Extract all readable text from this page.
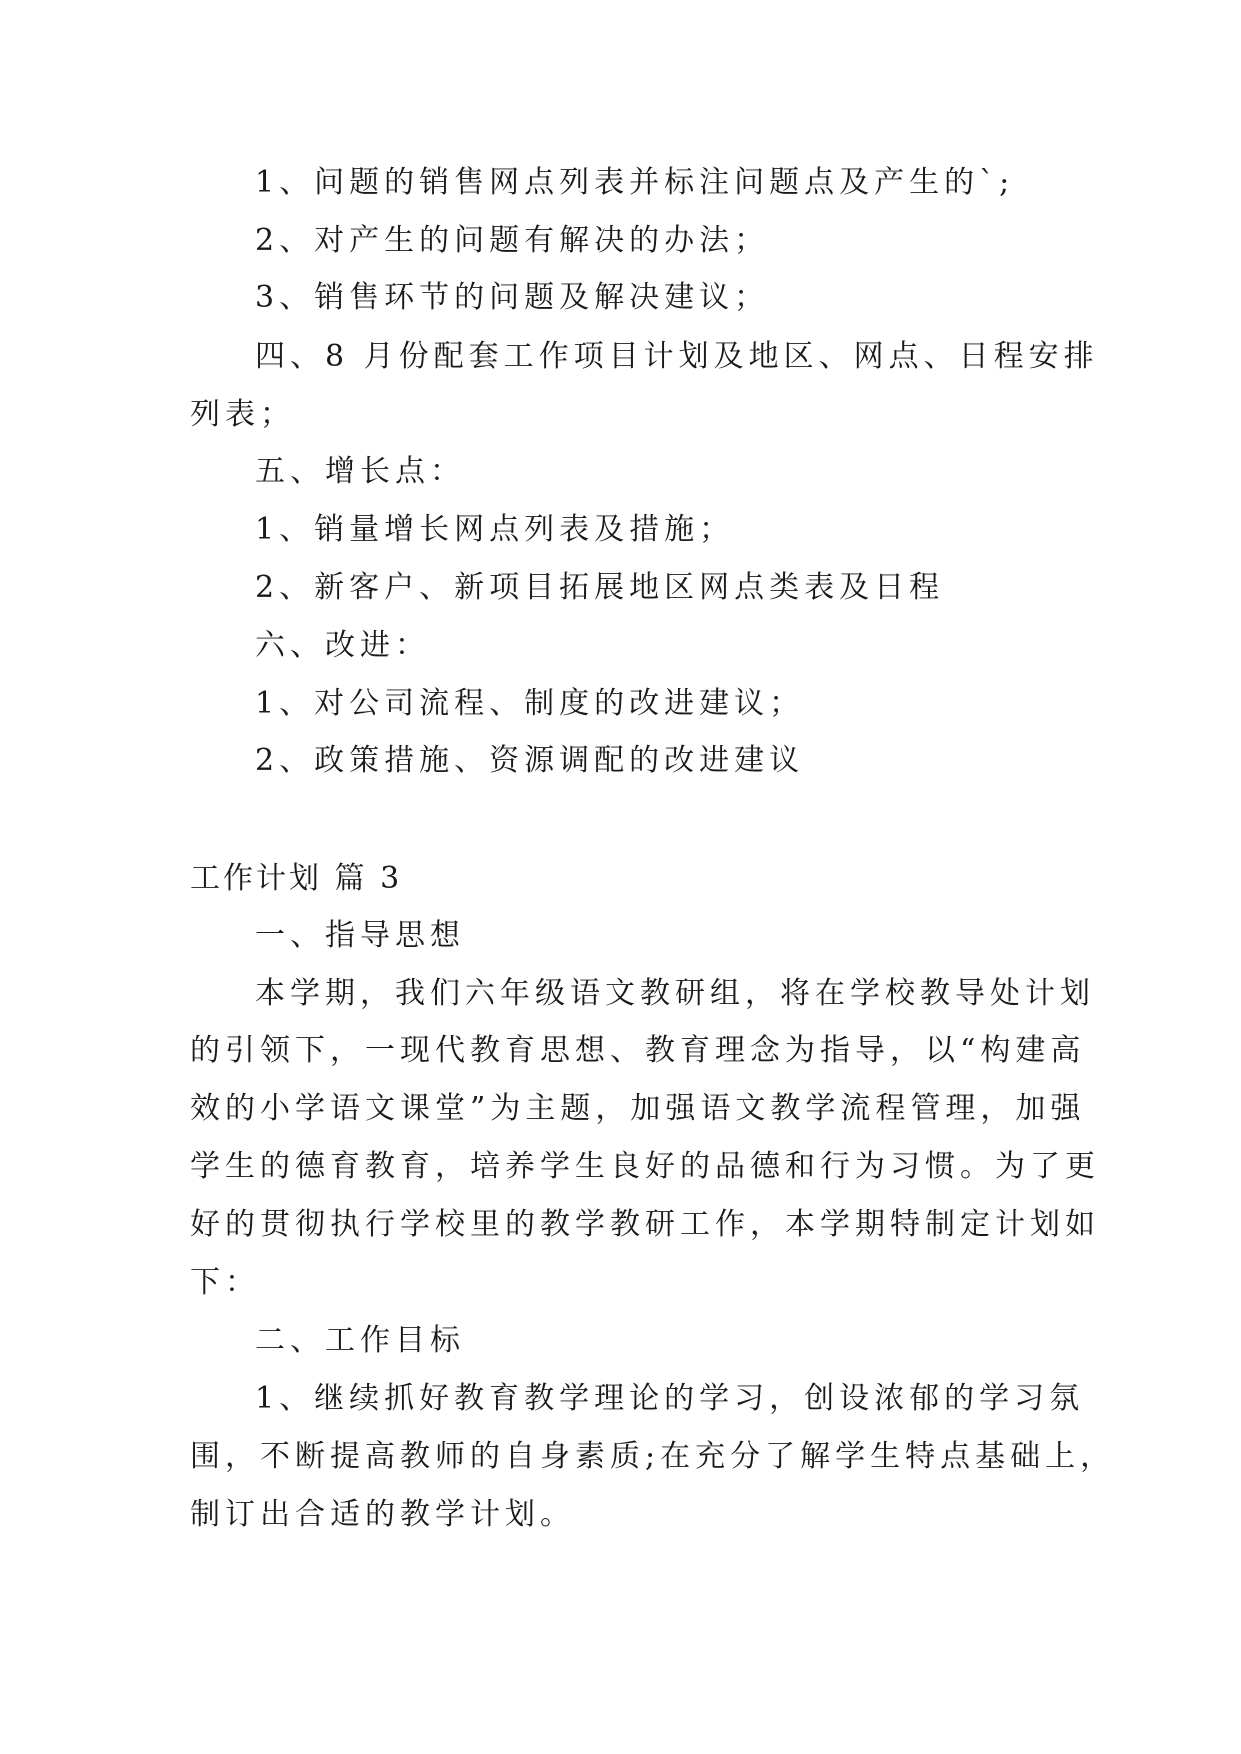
1、问题的销售网点列表并标注问题点及产生的`;
2、对产生的问题有解决的办法；
3、销售环节的问题及解决建议；
四、8 月份配套工作项目计划及地区、网点、日程安排
列表；
五、增长点：
1、销量增长网点列表及措施；
2、新客户、新项目拓展地区网点类表及日程
六、改进：
1、对公司流程、制度的改进建议；
2、政策措施、资源调配的改进建议
工作计划 篇 3
一、指导思想
本学期，我们六年级语文教研组，将在学校教导处计划
的引领下，一现代教育思想、教育理念为指导，以“构建高
效的小学语文课堂”为主题，加强语文教学流程管理，加强
学生的德育教育，培养学生良好的品德和行为习惯。为了更
好的贯彻执行学校里的教学教研工作，本学期特制定计划如
下：
二、工作目标
1、继续抓好教育教学理论的学习，创设浓郁的学习氛
围，不断提高教师的自身素质;在充分了解学生特点基础上，
制订出合适的教学计划。
